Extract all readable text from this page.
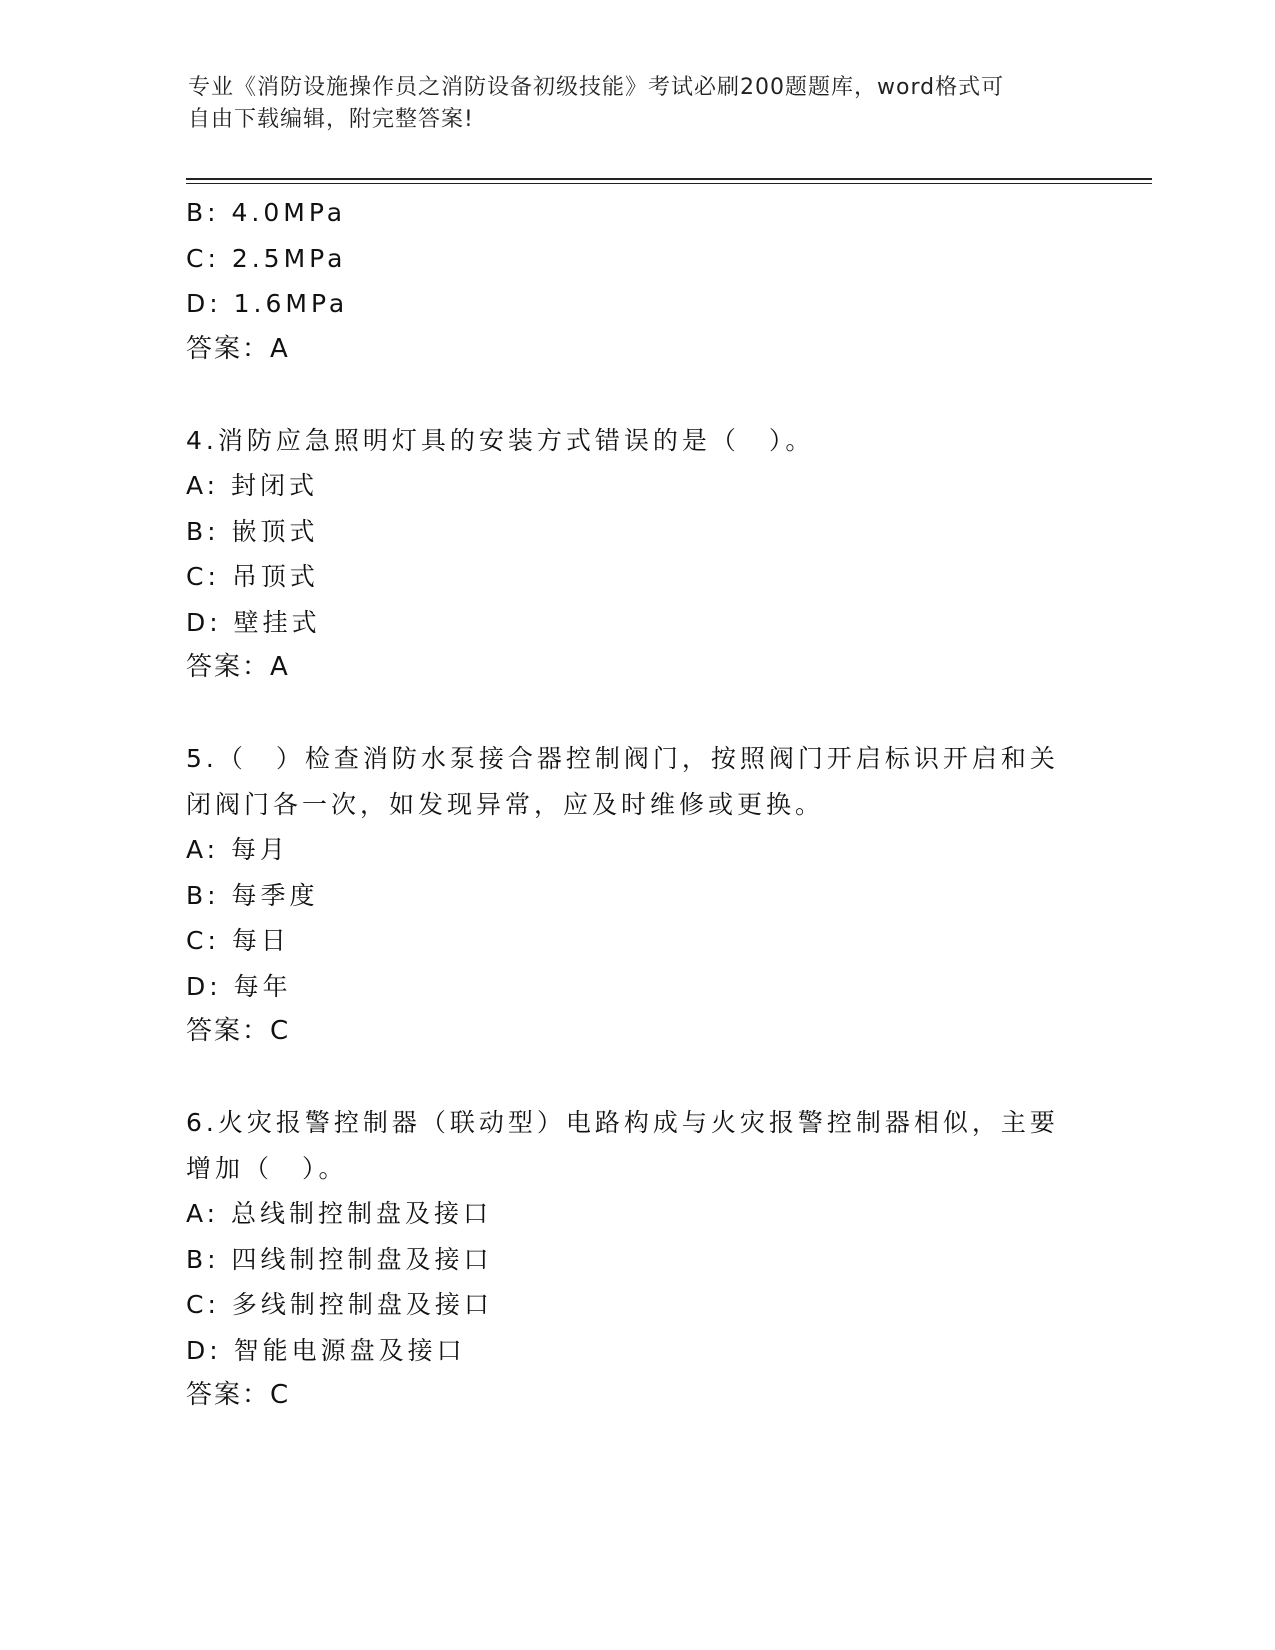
专业《消防设施操作员之消防设备初级技能》考试必刷200题题库，word格式可
自由下载编辑，附完整答案!
B: 4.0MPa
C: 2.5MPa
D: 1.6MPa
答案：A
4.消防应急照明灯具的安装方式错误的是（　）。
A: 封闭式
B: 嵌顶式
C: 吊顶式
D: 壁挂式
答案：A
5.（　）检查消防水泵接合器控制阀门，按照阀门开启标识开启和关
闭阀门各一次，如发现异常，应及时维修或更换。
A: 每月
B: 每季度
C: 每日
D: 每年
答案：C
6.火灾报警控制器（联动型）电路构成与火灾报警控制器相似，主要
增加（　）。
A: 总线制控制盘及接口
B: 四线制控制盘及接口
C: 多线制控制盘及接口
D: 智能电源盘及接口
答案：C
